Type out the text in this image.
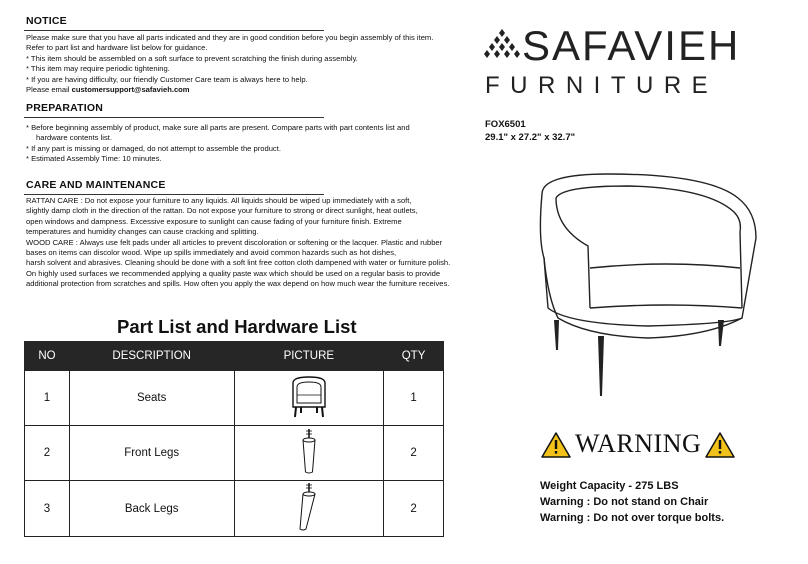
NOTICE
Please make sure that you have all parts indicated and they are in good condition before you begin assembly of this item.
Refer to part list and hardware list below for guidance.
* This item should be assembled on a soft surface to prevent scratching the finish during assembly.
* This item may require periodic tightening.
* If you are having difficulty, our friendly Customer Care team is always here to help.
Please email customersupport@safavieh.com
PREPARATION
* Before beginning assembly of product, make sure all parts are present. Compare parts with part contents list and
hardware contents list.
* If any part is missing or damaged, do not attempt to assemble the product.
* Estimated Assembly Time: 10 minutes.
CARE AND MAINTENANCE
RATTAN CARE : Do not expose your furniture to any liquids. All liquids should be wiped up immediately with a soft,
slightly damp cloth in the direction of the rattan. Do not expose your furniture to strong or direct sunlight, heat outlets,
open windows and dampness. Excessive exposure to sunlight can cause fading of your furniture finish. Extreme
temperatures and humidity changes can cause cracking and splitting.
WOOD CARE : Always use felt pads under all articles to prevent discoloration or softening or the lacquer. Plastic and rubber
bases on items can discolor wood. Wipe up spills immediately and avoid common hazards such as hot dishes,
harsh solvent and abrasives. Cleaning should be done with a soft lint free cotton cloth dampened with water or furniture polish.
On highly used surfaces we recommended applying a quality paste wax which should be used on a regular basis to provide
additional protection from scratches and spills. How often you apply the wax depend on how much wear the furniture receives.
Part List and Hardware List
NO	DESCRIPTION	PICTURE	QTY
1	Seats		1
2	Front Legs		2
3	Back Legs		2
SAFAVIEH
FURNITURE
FOX6501
29.1" x 27.2" x 32.7"
WARNING
Weight Capacity - 275 LBS
Warning : Do not stand on Chair
Warning : Do not over torque bolts.
